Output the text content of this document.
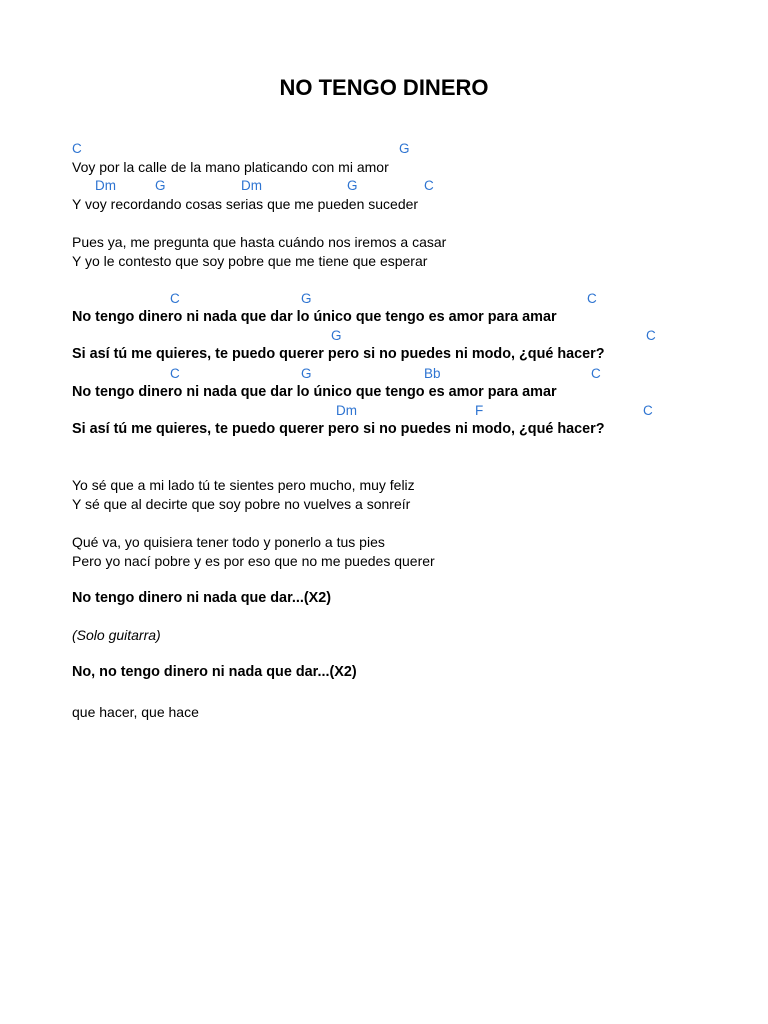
NO TENGO DINERO
C	G
Voy por la calle de la mano platicando con mi amor
Dm	G	Dm	G	C
Y voy recordando cosas serias que me pueden suceder
Pues ya, me pregunta que hasta cuándo nos iremos a casar
Y yo le contesto que soy pobre que me tiene que esperar
C	G	C
No tengo dinero ni nada que dar lo único que tengo es amor para amar
G	C
Si así tú me quieres, te puedo querer pero si no puedes ni modo, ¿qué hacer?
C	G	Bb	C
No tengo dinero ni nada que dar lo único que tengo es amor para amar
Dm	F	C
Si así tú me quieres, te puedo querer pero si no puedes ni modo, ¿qué hacer?
Yo sé que a mi lado tú te sientes pero mucho, muy feliz
Y sé que al decirte que soy pobre no vuelves a sonreír
Qué va, yo quisiera tener todo y ponerlo a tus pies
Pero yo nací pobre y es por eso que no me puedes querer
No tengo dinero ni nada que dar...(X2)
(Solo guitarra)
No, no tengo dinero ni nada que dar...(X2)
que hacer, que hace
